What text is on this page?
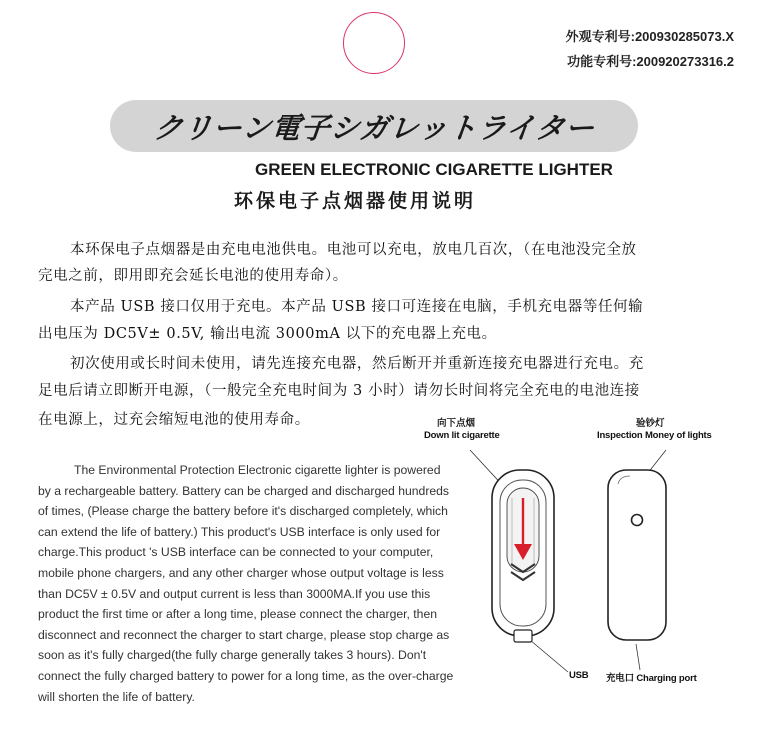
外观专利号:200930285073.X
功能专利号:200920273316.2
クリーン電子シガレットライター
GREEN ELECTRONIC CIGARETTE LIGHTER
环保电子点烟器使用说明
本环保电子点烟器是由充电电池供电。电池可以充电，放电几百次，（在电池没完全放
完电之前，即用即充会延长电池的使用寿命）。
本产品 USB 接口仅用于充电。本产品 USB 接口可连接在电脑，手机充电器等任何输
出电压为 DC5V± 0.5V, 输出电流 3000mA 以下的充电器上充电。
初次使用或长时间未使用，请先连接充电器，然后断开并重新连接充电器进行充电。充
足电后请立即断开电源，（一般完全充电时间为 3 小时）请勿长时间将完全充电的电池连接
在电源上，过充会缩短电池的使用寿命。
The Environmental Protection Electronic cigarette lighter is powered
by a rechargeable battery. Battery can be charged and discharged hundreds
of times, (Please charge the battery before it's discharged completely, which
can extend the life of battery.) This product's USB interface is only used for
charge.This product 's USB interface can be connected to your computer,
mobile phone chargers, and any other charger whose output voltage is less
than DC5V ± 0.5V and output current is less than 3000MA.If you use this
product the first time or after a long time, please connect the charger, then
disconnect and reconnect the charger to start charge, please stop charge as
soon as it's fully charged(the fully charge generally takes 3 hours). Don't
connect the fully charged battery to power for a long time, as the over-charge
will shorten the life of battery.
向下点烟
Down lit cigarette
验钞灯
Inspection Money of lights
USB 充电口 Charging port
